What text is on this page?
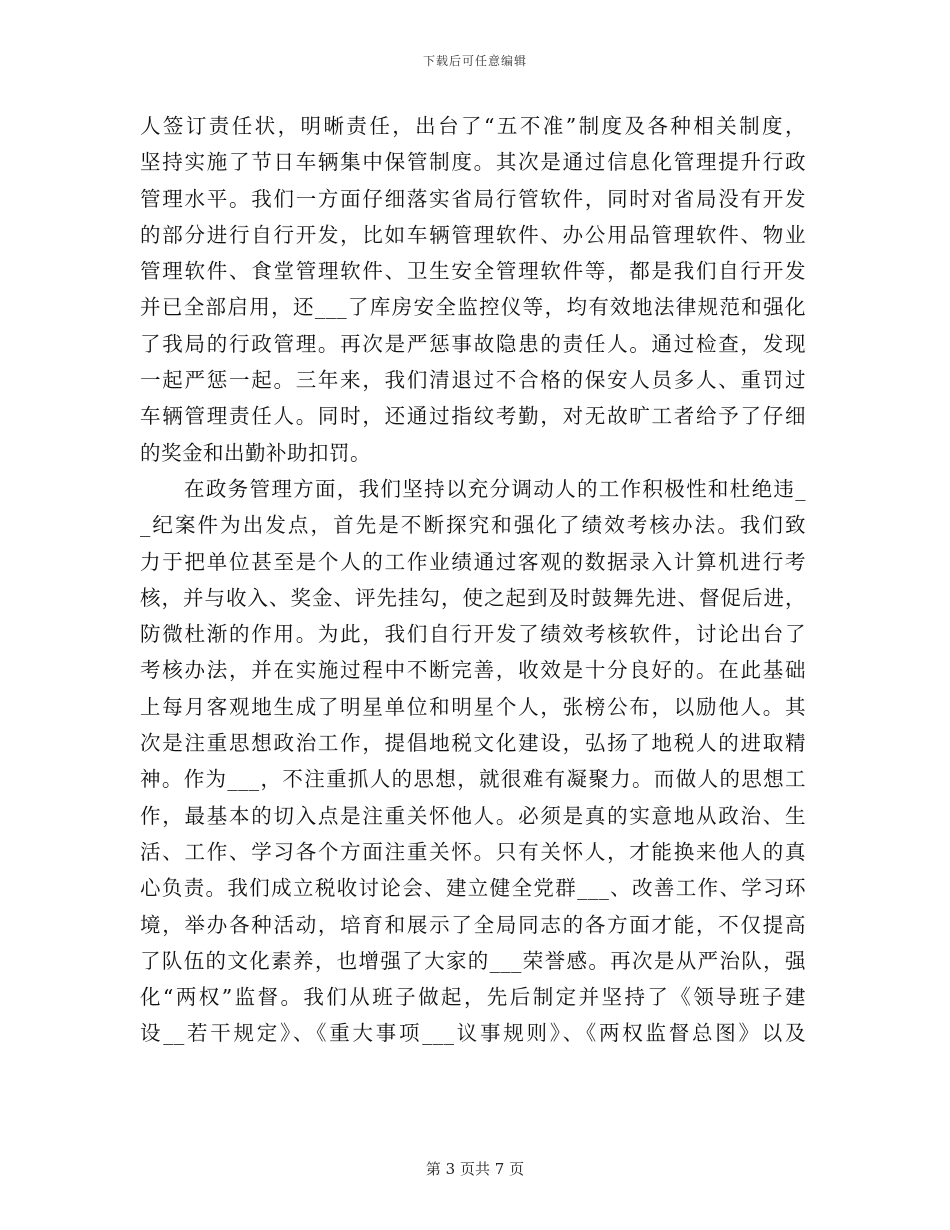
下载后可任意编辑
人签订责任状，明晰责任，出台了“五不准”制度及各种相关制度，
坚持实施了节日车辆集中保管制度。其次是通过信息化管理提升行政
管理水平。我们一方面仔细落实省局行管软件，同时对省局没有开发
的部分进行自行开发，比如车辆管理软件、办公用品管理软件、物业
管理软件、食堂管理软件、卫生安全管理软件等，都是我们自行开发
并已全部启用，还___了库房安全监控仪等，均有效地法律规范和强化
了我局的行政管理。再次是严惩事故隐患的责任人。通过检查，发现
一起严惩一起。三年来，我们清退过不合格的保安人员多人、重罚过
车辆管理责任人。同时，还通过指纹考勤，对无故旷工者给予了仔细
的奖金和出勤补助扣罚。
在政务管理方面，我们坚持以充分调动人的工作积极性和杜绝违_
_纪案件为出发点，首先是不断探究和强化了绩效考核办法。我们致
力于把单位甚至是个人的工作业绩通过客观的数据录入计算机进行考
核，并与收入、奖金、评先挂勾，使之起到及时鼓舞先进、督促后进，
防微杜渐的作用。为此，我们自行开发了绩效考核软件，讨论出台了
考核办法，并在实施过程中不断完善，收效是十分良好的。在此基础
上每月客观地生成了明星单位和明星个人，张榜公布，以励他人。其
次是注重思想政治工作，提倡地税文化建设，弘扬了地税人的进取精
神。作为___，不注重抓人的思想，就很难有凝聚力。而做人的思想工
作，最基本的切入点是注重关怀他人。必须是真的实意地从政治、生
活、工作、学习各个方面注重关怀。只有关怀人，才能换来他人的真
心负责。我们成立税收讨论会、建立健全党群___、改善工作、学习环
境，举办各种活动，培育和展示了全局同志的各方面才能，不仅提高
了队伍的文化素养，也增强了大家的___荣誉感。再次是从严治队，强
化“两权”监督。我们从班子做起，先后制定并坚持了《领导班子建
设__若干规定》、《重大事项___议事规则》、《两权监督总图》以及
第 3 页共 7 页
